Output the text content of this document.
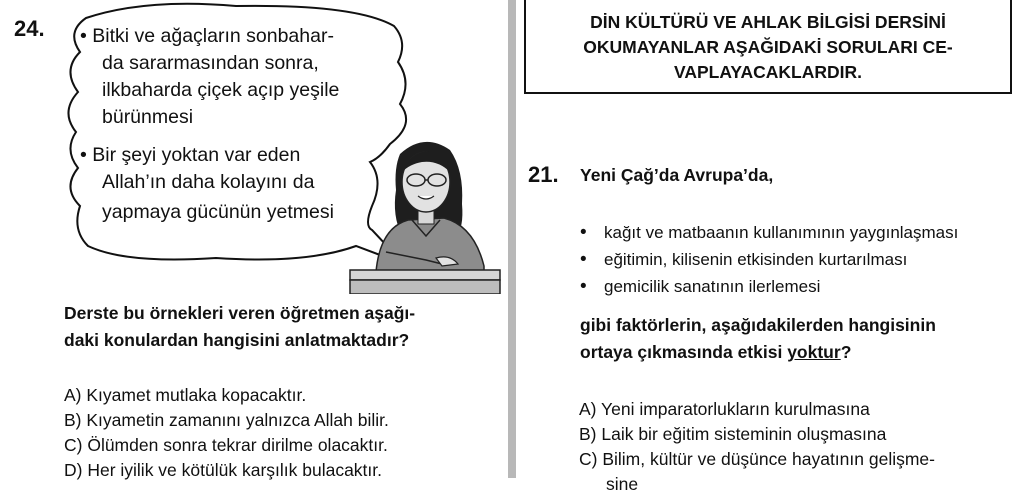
24. • Bitki ve ağaçların sonbahar-
da sararmasından sonra,
ilkbaharda çiçek açıp yeşile
bürünmesi
• Bir şeyi yoktan var eden
Allah’ın daha kolayını da
yapmaya gücünün yetmesi
Derste bu örnekleri veren öğretmen aşağı-
daki konulardan hangisini anlatmaktadır?
A) Kıyamet mutlaka kopacaktır.
B) Kıyametin zamanını yalnızca Allah bilir.
C) Ölümden sonra tekrar dirilme olacaktır.
D) Her iyilik ve kötülük karşılık bulacaktır.
DİN KÜLTÜRÜ VE AHLAK BİLGİSİ DERSİNİ
OKUMAYANLAR AŞAĞIDAKİ SORULARI CE-
VAPLAYACAKLARDIR.
21. Yeni Çağ’da Avrupa’da,
• kağıt ve matbaanın kullanımının yaygınlaşması
• eğitimin, kilisenin etkisinden kurtarılması
• gemicilik sanatının ilerlemesi
gibi faktörlerin, aşağıdakilerden hangisinin
ortaya çıkmasında etkisi yoktur?
A) Yeni imparatorlukların kurulmasına
B) Laik bir eğitim sisteminin oluşmasına
C) Bilim, kültür ve düşünce hayatının gelişme-
sine
